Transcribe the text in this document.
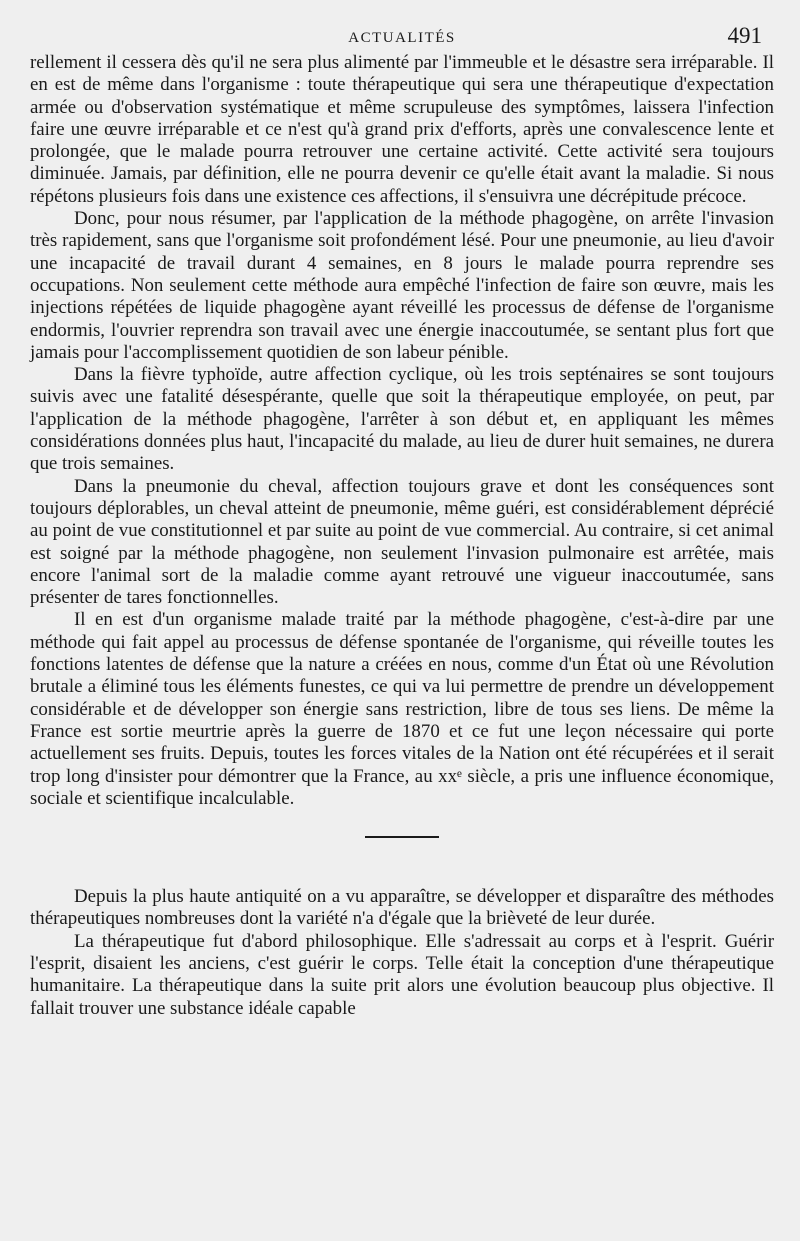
ACTUALITÉS	491

rellement il cessera dès qu'il ne sera plus alimenté par l'immeuble et le désastre sera irréparable. Il en est de même dans l'organisme : toute thérapeutique qui sera une thérapeutique d'expectation armée ou d'observation systématique et même scrupuleuse des symptômes, laissera l'infection faire une œuvre irréparable et ce n'est qu'à grand prix d'efforts, après une convalescence lente et prolongée, que le malade pourra retrouver une certaine activité. Cette activité sera toujours diminuée. Jamais, par définition, elle ne pourra devenir ce qu'elle était avant la maladie. Si nous répétons plusieurs fois dans une existence ces affections, il s'ensuivra une décrépitude précoce.

Donc, pour nous résumer, par l'application de la méthode phagogène, on arrête l'invasion très rapidement, sans que l'organisme soit profondément lésé. Pour une pneumonie, au lieu d'avoir une incapacité de travail durant 4 semaines, en 8 jours le malade pourra reprendre ses occupations. Non seulement cette méthode aura empêché l'infection de faire son œuvre, mais les injections répétées de liquide phagogène ayant réveillé les processus de défense de l'organisme endormis, l'ouvrier reprendra son travail avec une énergie inaccoutumée, se sentant plus fort que jamais pour l'accomplissement quotidien de son labeur pénible.

Dans la fièvre typhoïde, autre affection cyclique, où les trois septénaires se sont toujours suivis avec une fatalité désespérante, quelle que soit la thérapeutique employée, on peut, par l'application de la méthode phagogène, l'arrêter à son début et, en appliquant les mêmes considérations données plus haut, l'incapacité du malade, au lieu de durer huit semaines, ne durera que trois semaines.

Dans la pneumonie du cheval, affection toujours grave et dont les conséquences sont toujours déplorables, un cheval atteint de pneumonie, même guéri, est considérablement déprécié au point de vue constitutionnel et par suite au point de vue commercial. Au contraire, si cet animal est soigné par la méthode phagogène, non seulement l'invasion pulmonaire est arrêtée, mais encore l'animal sort de la maladie comme ayant retrouvé une vigueur inaccoutumée, sans présenter de tares fonctionnelles.

Il en est d'un organisme malade traité par la méthode phagogène, c'est-à-dire par une méthode qui fait appel au processus de défense spontanée de l'organisme, qui réveille toutes les fonctions latentes de défense que la nature a créées en nous, comme d'un État où une Révolution brutale a éliminé tous les éléments funestes, ce qui va lui permettre de prendre un développement considérable et de développer son énergie sans restriction, libre de tous ses liens. De même la France est sortie meurtrie après la guerre de 1870 et ce fut une leçon nécessaire qui porte actuellement ses fruits. Depuis, toutes les forces vitales de la Nation ont été récupérées et il serait trop long d'insister pour démontrer que la France, au xxᵉ siècle, a pris une influence économique, sociale et scientifique incalculable.

Depuis la plus haute antiquité on a vu apparaître, se développer et disparaître des méthodes thérapeutiques nombreuses dont la variété n'a d'égale que la brièveté de leur durée.

La thérapeutique fut d'abord philosophique. Elle s'adressait au corps et à l'esprit. Guérir l'esprit, disaient les anciens, c'est guérir le corps. Telle était la conception d'une thérapeutique humanitaire. La thérapeutique dans la suite prit alors une évolution beaucoup plus objective. Il fallait trouver une substance idéale capable
